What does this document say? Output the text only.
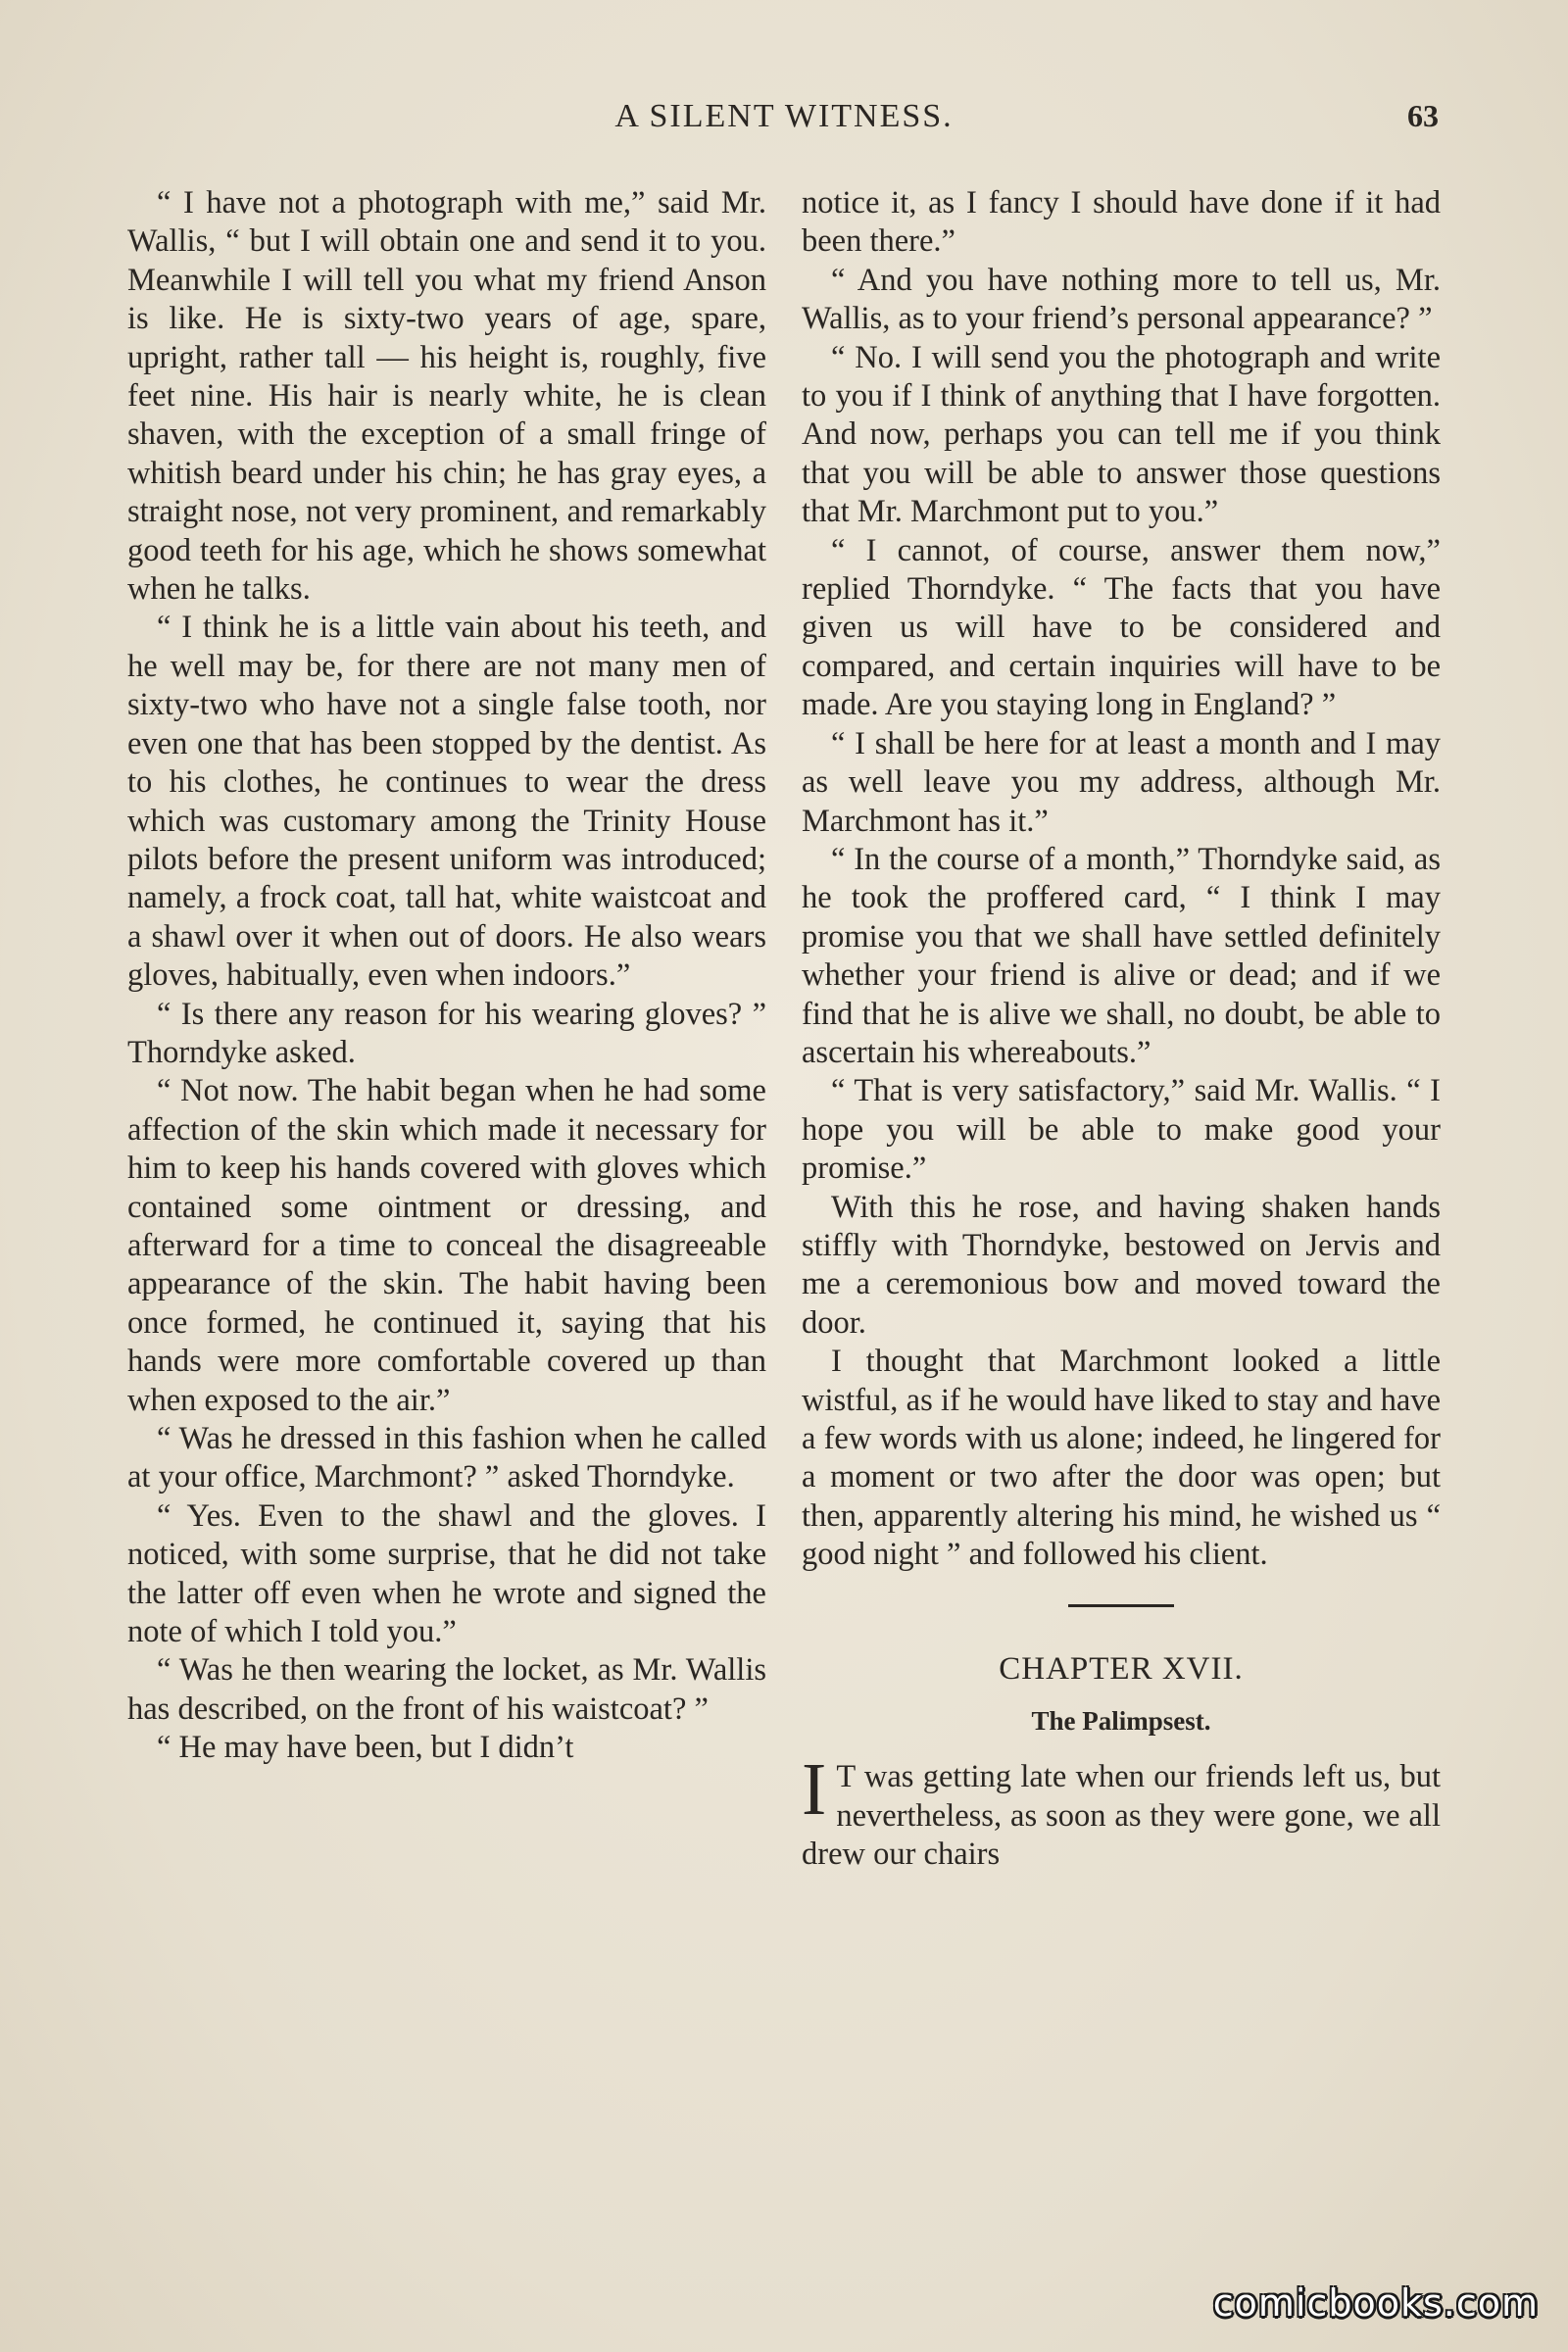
A SILENT WITNESS.	63

“ I have not a photograph with me,” said Mr. Wallis, “ but I will obtain one and send it to you. Meanwhile I will tell you what my friend Anson is like. He is sixty-two years of age, spare, upright, rather tall — his height is, roughly, five feet nine. His hair is nearly white, he is clean shaven, with the exception of a small fringe of whitish beard under his chin; he has gray eyes, a straight nose, not very prominent, and remarkably good teeth for his age, which he shows somewhat when he talks.

“ I think he is a little vain about his teeth, and he well may be, for there are not many men of sixty-two who have not a single false tooth, nor even one that has been stopped by the dentist. As to his clothes, he continues to wear the dress which was customary among the Trinity House pilots before the present uniform was introduced; namely, a frock coat, tall hat, white waistcoat and a shawl over it when out of doors. He also wears gloves, habitually, even when indoors.”

“ Is there any reason for his wearing gloves? ” Thorndyke asked.

“ Not now. The habit began when he had some affection of the skin which made it necessary for him to keep his hands covered with gloves which contained some ointment or dressing, and afterward for a time to conceal the disagreeable appearance of the skin. The habit having been once formed, he continued it, saying that his hands were more comfortable covered up than when exposed to the air.”

“ Was he dressed in this fashion when he called at your office, Marchmont? ” asked Thorndyke.

“ Yes. Even to the shawl and the gloves. I noticed, with some surprise, that he did not take the latter off even when he wrote and signed the note of which I told you.”

“ Was he then wearing the locket, as Mr. Wallis has described, on the front of his waistcoat? ”

“ He may have been, but I didn’t

notice it, as I fancy I should have done if it had been there.”

“ And you have nothing more to tell us, Mr. Wallis, as to your friend’s personal appearance? ”

“ No. I will send you the photograph and write to you if I think of anything that I have forgotten. And now, perhaps you can tell me if you think that you will be able to answer those questions that Mr. Marchmont put to you.”

“ I cannot, of course, answer them now,” replied Thorndyke. “ The facts that you have given us will have to be considered and compared, and certain inquiries will have to be made. Are you staying long in England? ”

“ I shall be here for at least a month and I may as well leave you my address, although Mr. Marchmont has it.”

“ In the course of a month,” Thorndyke said, as he took the proffered card, “ I think I may promise you that we shall have settled definitely whether your friend is alive or dead; and if we find that he is alive we shall, no doubt, be able to ascertain his whereabouts.”

“ That is very satisfactory,” said Mr. Wallis. “ I hope you will be able to make good your promise.”

With this he rose, and having shaken hands stiffly with Thorndyke, bestowed on Jervis and me a ceremonious bow and moved toward the door.

I thought that Marchmont looked a little wistful, as if he would have liked to stay and have a few words with us alone; indeed, he lingered for a moment or two after the door was open; but then, apparently altering his mind, he wished us “ good night ” and followed his client.

CHAPTER XVII.
The Palimpsest.

I T was getting late when our friends left us, but nevertheless, as soon as they were gone, we all drew our chairs

comicbooks.com
